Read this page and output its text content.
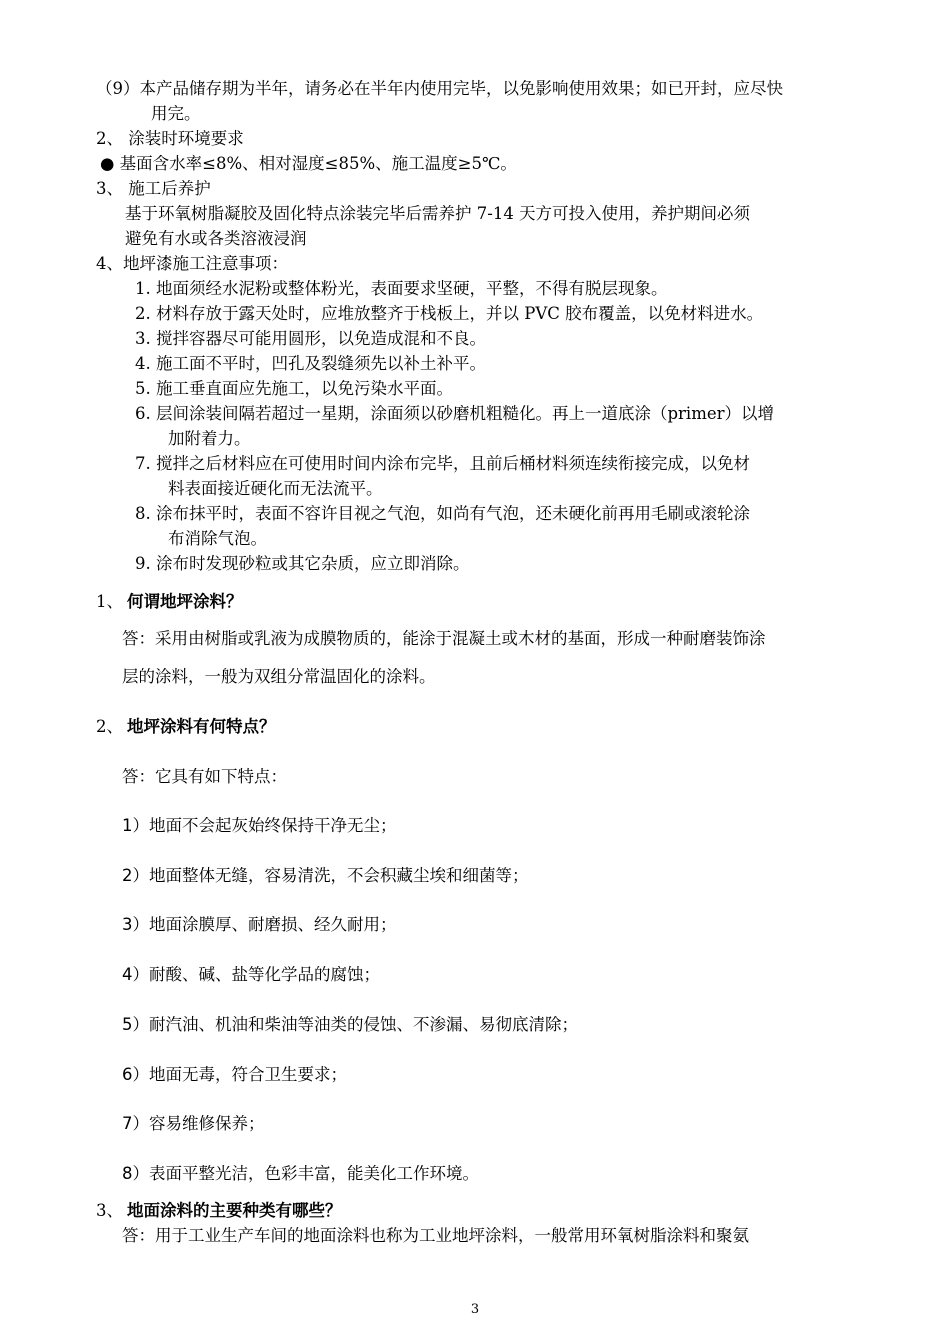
（9）本产品储存期为半年，请务必在半年内使用完毕，以免影响使用效果；如已开封，应尽快
用完。
2、 涂装时环境要求
● 基面含水率≤8%、相对湿度≤85%、施工温度≥5℃。
3、 施工后养护
基于环氧树脂凝胶及固化特点涂装完毕后需养护 7-14 天方可投入使用，养护期间必须
避免有水或各类溶液浸润
4、地坪漆施工注意事项：
1. 地面须经水泥粉或整体粉光，表面要求坚硬，平整，不得有脱层现象。
2. 材料存放于露天处时，应堆放整齐于栈板上，并以 PVC 胶布覆盖，以免材料进水。
3. 搅拌容器尽可能用圆形，以免造成混和不良。
4. 施工面不平时，凹孔及裂缝须先以补土补平。
5. 施工垂直面应先施工，以免污染水平面。
6. 层间涂装间隔若超过一星期，涂面须以砂磨机粗糙化。再上一道底涂（primer）以增
加附着力。
7. 搅拌之后材料应在可使用时间内涂布完毕，且前后桶材料须连续衔接完成，以免材
料表面接近硬化而无法流平。
8. 涂布抹平时，表面不容许目视之气泡，如尚有气泡，还未硬化前再用毛刷或滚轮涂
布消除气泡。
9. 涂布时发现砂粒或其它杂质，应立即消除。
1、 何谓地坪涂料？
答：采用由树脂或乳液为成膜物质的，能涂于混凝土或木材的基面，形成一种耐磨装饰涂
层的涂料，一般为双组分常温固化的涂料。
2、 地坪涂料有何特点？
答：它具有如下特点：
1）地面不会起灰始终保持干净无尘；
2）地面整体无缝，容易清洗，不会积藏尘埃和细菌等；
3）地面涂膜厚、耐磨损、经久耐用；
4）耐酸、碱、盐等化学品的腐蚀；
5）耐汽油、机油和柴油等油类的侵蚀、不渗漏、易彻底清除；
6）地面无毒，符合卫生要求；
7）容易维修保养；
8）表面平整光洁，色彩丰富，能美化工作环境。
3、 地面涂料的主要种类有哪些？
答：用于工业生产车间的地面涂料也称为工业地坪涂料，一般常用环氧树脂涂料和聚氨
3
